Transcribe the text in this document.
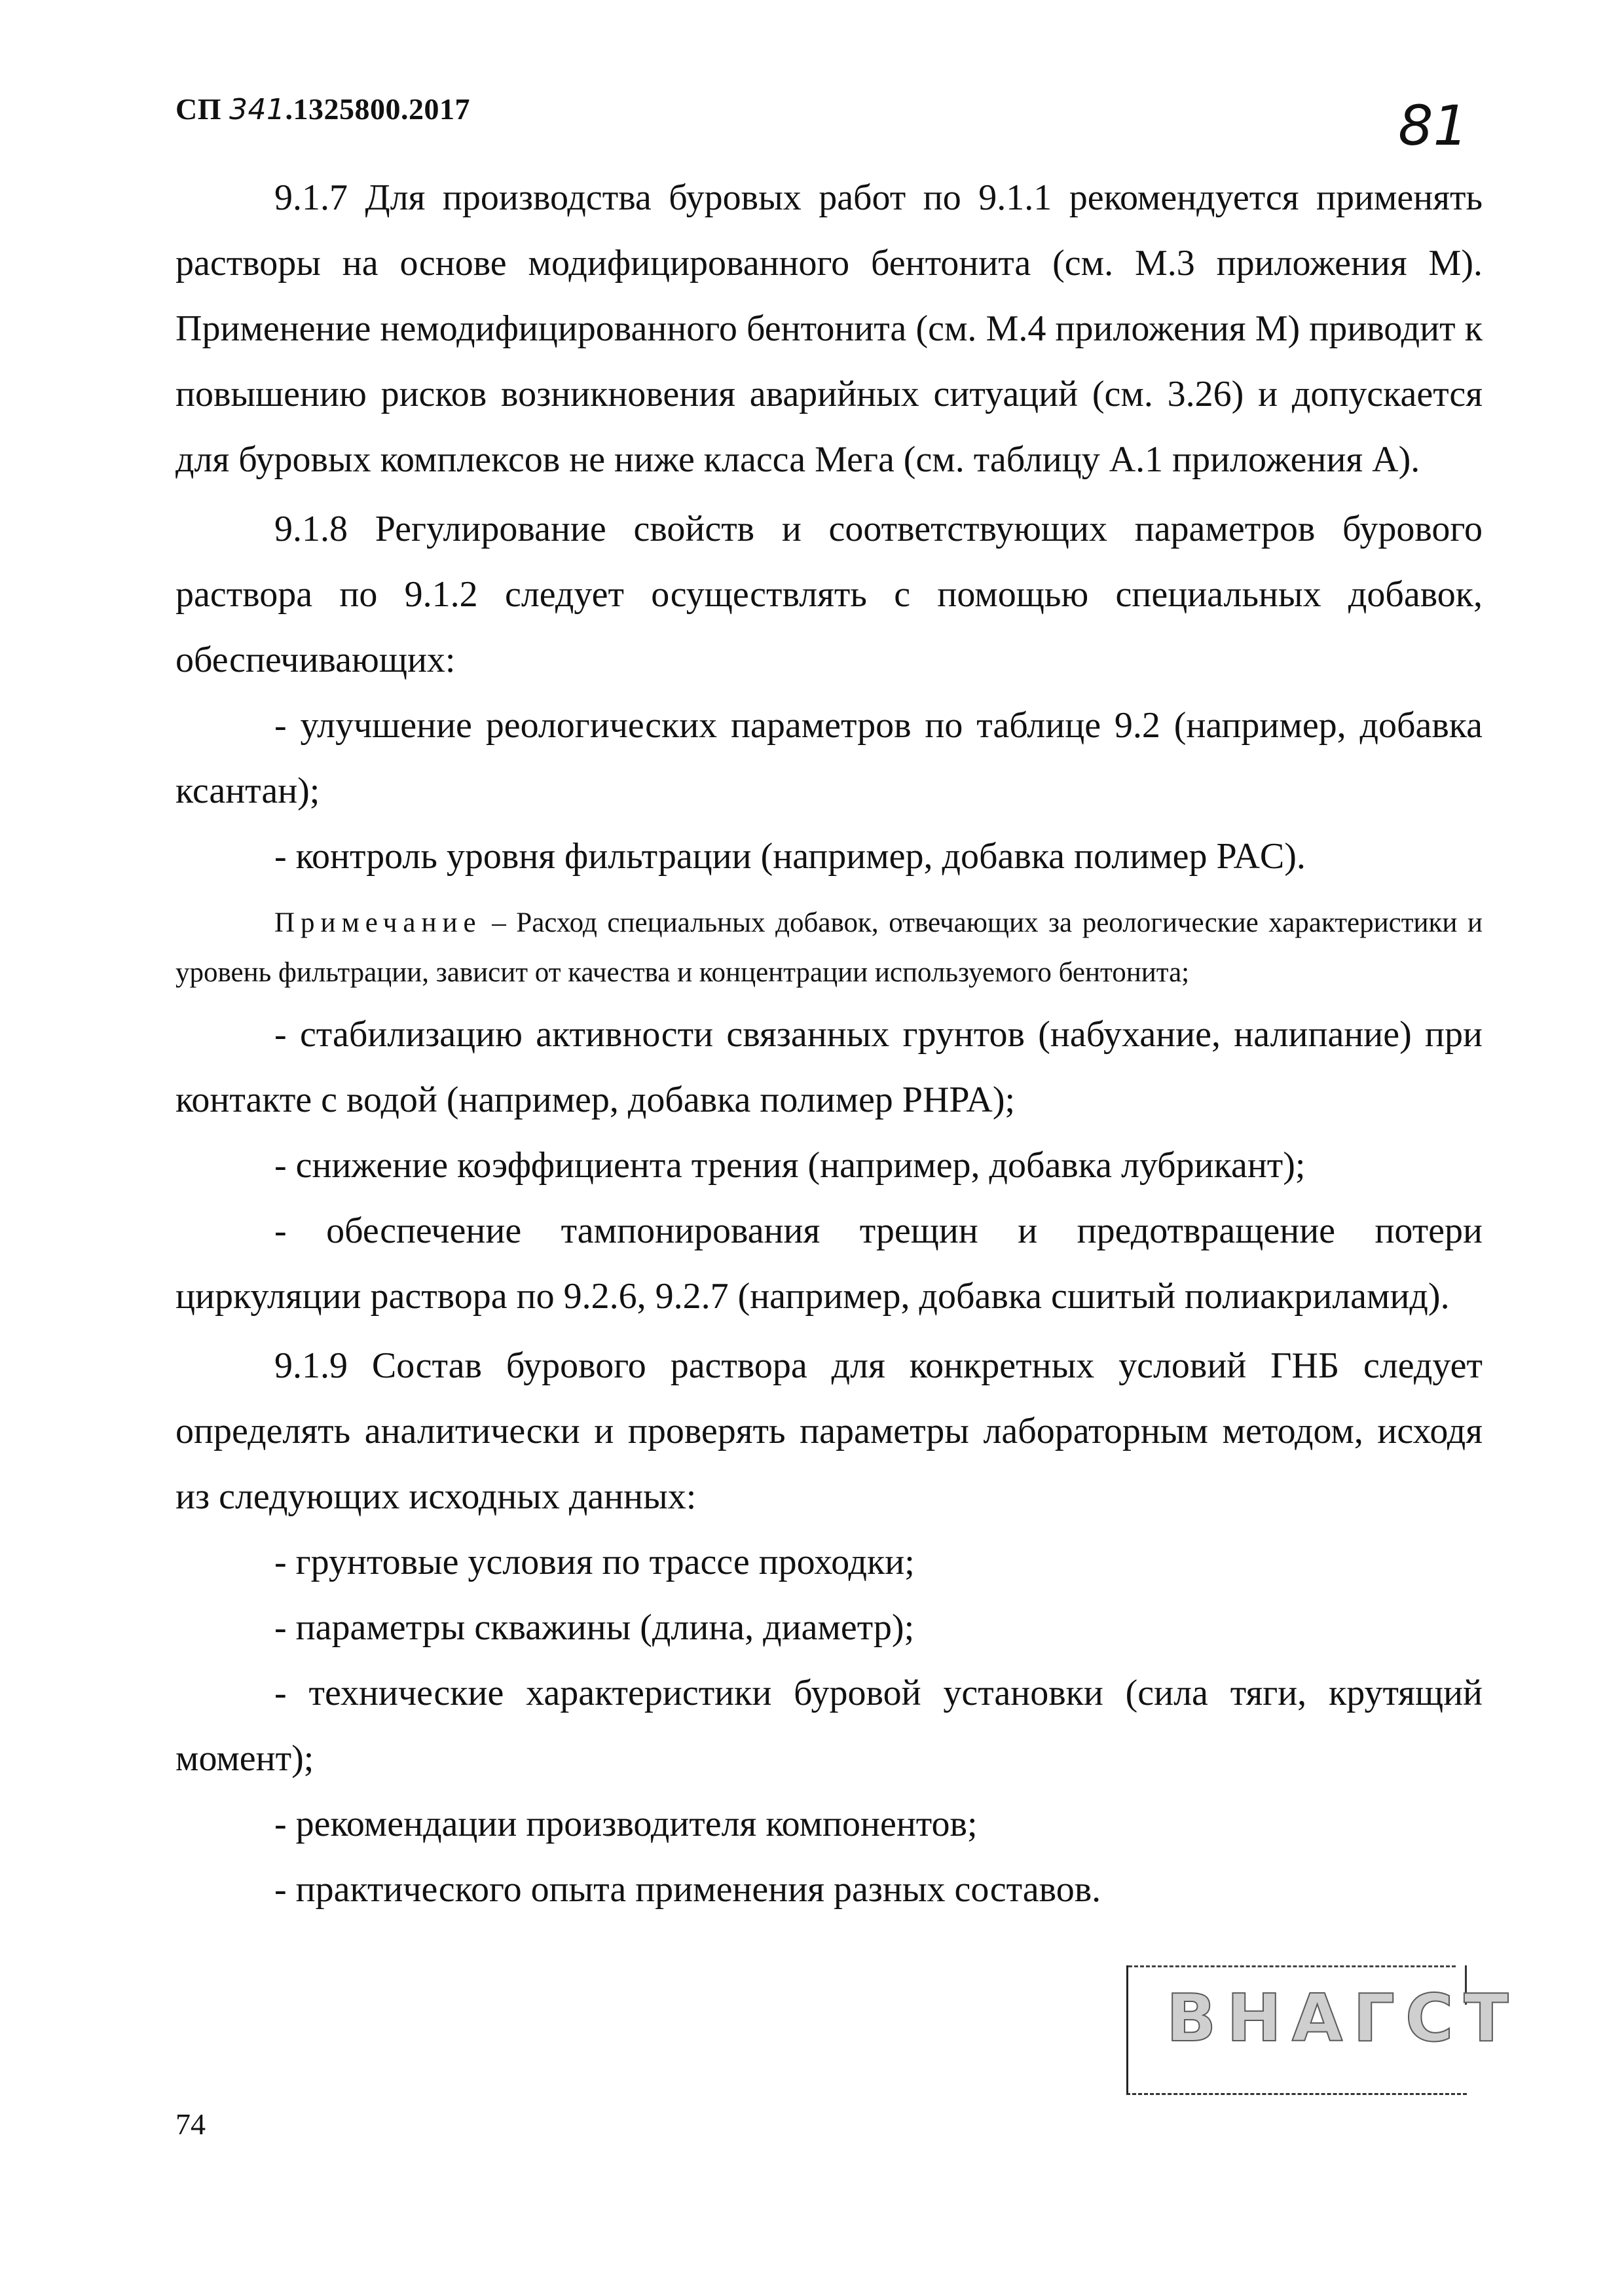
СП 341.1325800.2017	81

9.1.7 Для производства буровых работ по 9.1.1 рекомендуется применять растворы на основе модифицированного бентонита (см. М.3 приложения М). Применение немодифицированного бентонита (см. М.4 приложения М) приводит к повышению рисков возникновения аварийных ситуаций (см. 3.26) и допускается для буровых комплексов не ниже класса Мега (см. таблицу А.1 приложения А).

9.1.8 Регулирование свойств и соответствующих параметров бурового раствора по 9.1.2 следует осуществлять с помощью специальных добавок, обеспечивающих:

- улучшение реологических параметров по таблице 9.2 (например, добавка ксантан);

- контроль уровня фильтрации (например, добавка полимер PAC).

Примечание – Расход специальных добавок, отвечающих за реологические характеристики и уровень фильтрации, зависит от качества и концентрации используемого бентонита;

- стабилизацию активности связанных грунтов (набухание, налипание) при контакте с водой (например, добавка полимер PHPA);

- снижение коэффициента трения (например, добавка лубрикант);

- обеспечение тампонирования трещин и предотвращение потери циркуляции раствора по 9.2.6, 9.2.7 (например, добавка сшитый полиакриламид).

9.1.9 Состав бурового раствора для конкретных условий ГНБ следует определять аналитически и проверять параметры лабораторным методом, исходя из следующих исходных данных:

- грунтовые условия по трассе проходки;

- параметры скважины (длина, диаметр);

- технические характеристики буровой установки (сила тяги, крутящий момент);

- рекомендации производителя компонентов;

- практического опыта применения разных составов.

ВНАГСТ
74
